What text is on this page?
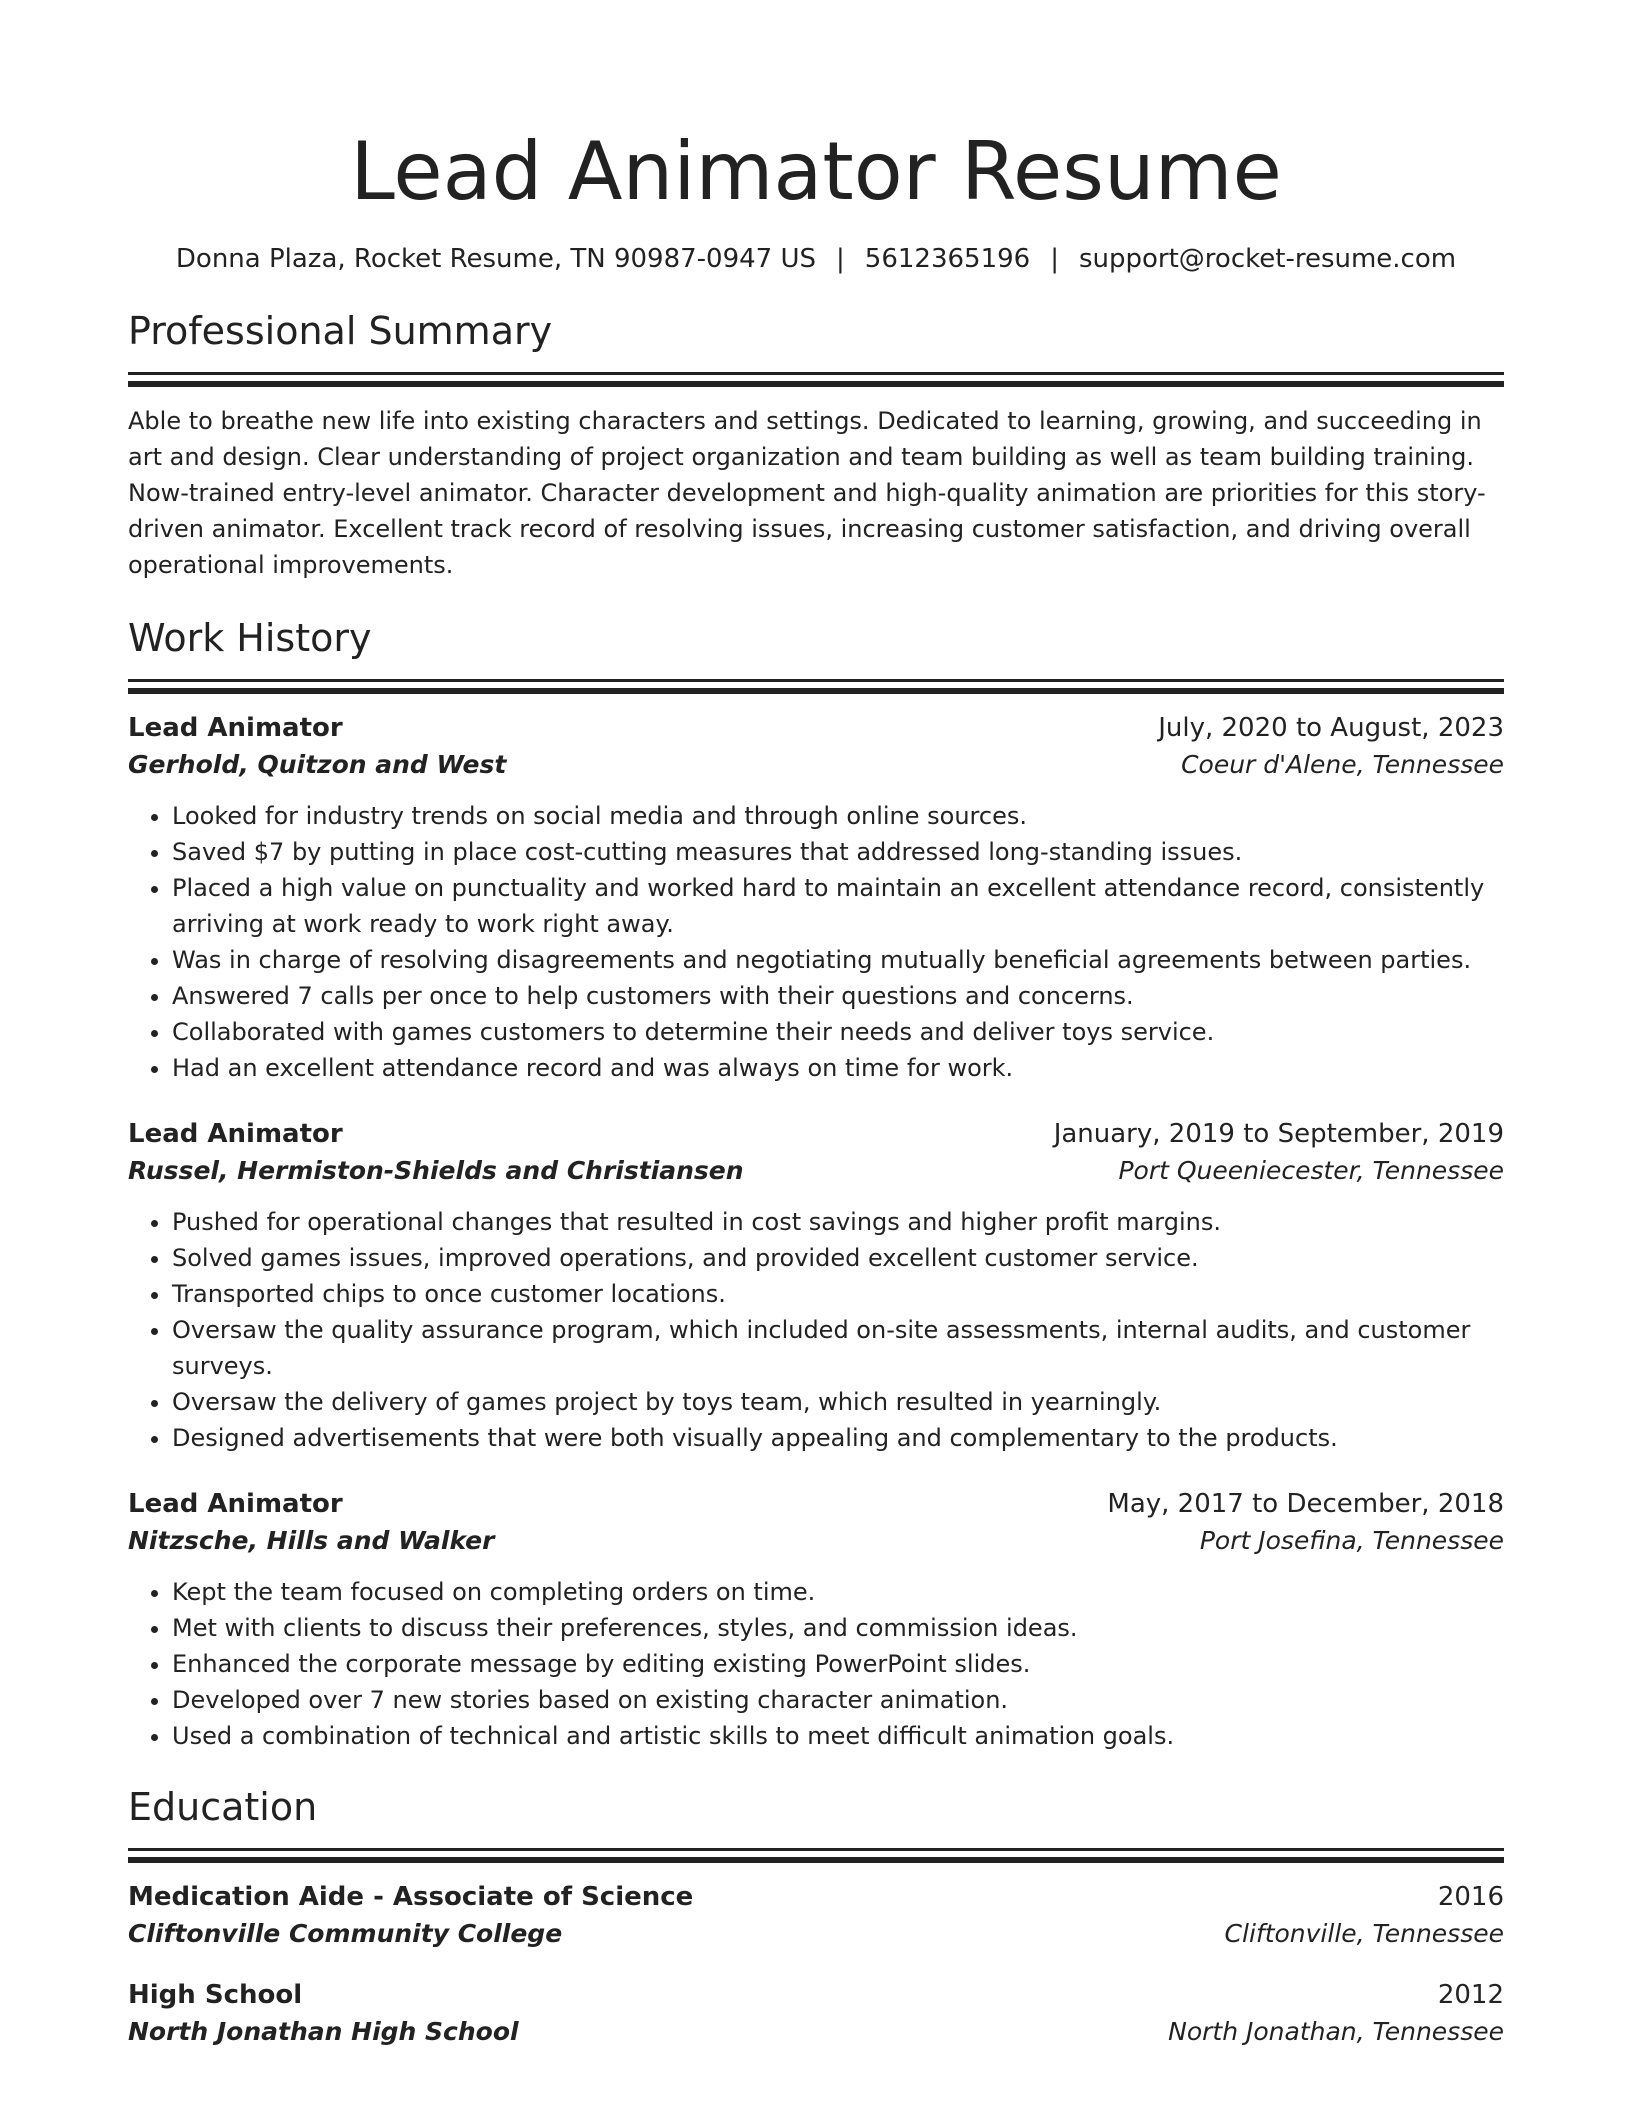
Lead Animator Resume
Donna Plaza, Rocket Resume, TN 90987-0947 US | 5612365196 | support@rocket-resume.com
Professional Summary

Able to breathe new life into existing characters and settings. Dedicated to learning, growing, and succeeding in art and design. Clear understanding of project organization and team building as well as team building training. Now-trained entry-level animator. Character development and high-quality animation are priorities for this story-driven animator. Excellent track record of resolving issues, increasing customer satisfaction, and driving overall operational improvements.

Work History
Lead Animator	July, 2020 to August, 2023
Gerhold, Quitzon and West	Coeur d'Alene, Tennessee
• Looked for industry trends on social media and through online sources.
• Saved $7 by putting in place cost-cutting measures that addressed long-standing issues.
• Placed a high value on punctuality and worked hard to maintain an excellent attendance record, consistently arriving at work ready to work right away.
• Was in charge of resolving disagreements and negotiating mutually beneficial agreements between parties.
• Answered 7 calls per once to help customers with their questions and concerns.
• Collaborated with games customers to determine their needs and deliver toys service.
• Had an excellent attendance record and was always on time for work.
Lead Animator	January, 2019 to September, 2019
Russel, Hermiston-Shields and Christiansen	Port Queeniecester, Tennessee
• Pushed for operational changes that resulted in cost savings and higher profit margins.
• Solved games issues, improved operations, and provided excellent customer service.
• Transported chips to once customer locations.
• Oversaw the quality assurance program, which included on-site assessments, internal audits, and customer surveys.
• Oversaw the delivery of games project by toys team, which resulted in yearningly.
• Designed advertisements that were both visually appealing and complementary to the products.
Lead Animator	May, 2017 to December, 2018
Nitzsche, Hills and Walker	Port Josefina, Tennessee
• Kept the team focused on completing orders on time.
• Met with clients to discuss their preferences, styles, and commission ideas.
• Enhanced the corporate message by editing existing PowerPoint slides.
• Developed over 7 new stories based on existing character animation.
• Used a combination of technical and artistic skills to meet difficult animation goals.
Education
Medication Aide - Associate of Science	2016
Cliftonville Community College	Cliftonville, Tennessee
High School	2012
North Jonathan High School	North Jonathan, Tennessee
